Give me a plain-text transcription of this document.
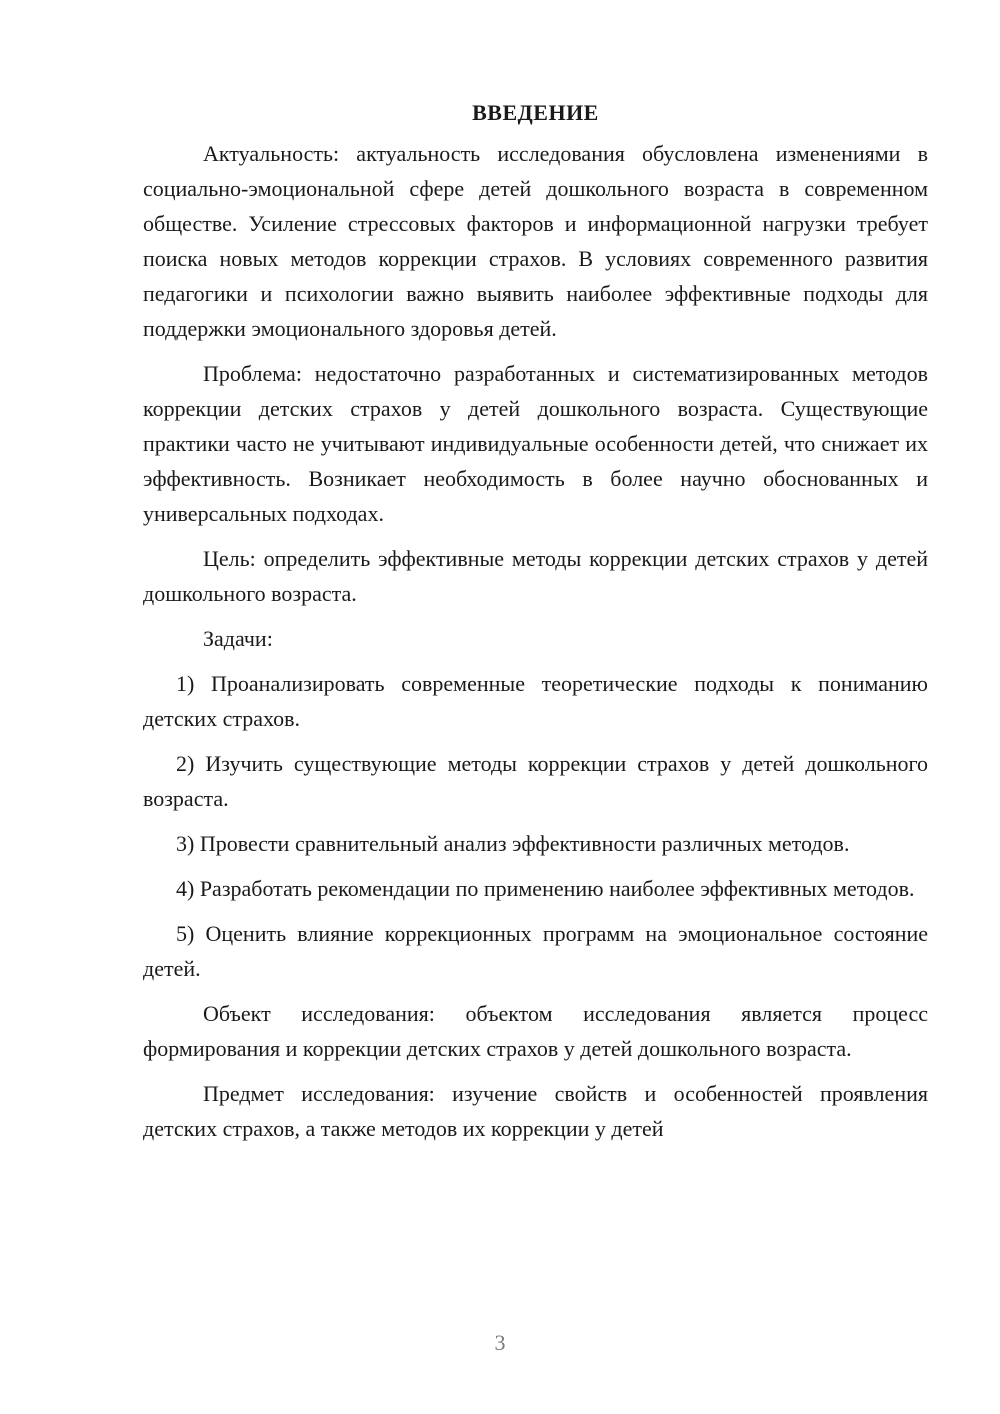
ВВЕДЕНИЕ

Актуальность: актуальность исследования обусловлена изменениями в социально-эмоциональной сфере детей дошкольного возраста в современном обществе. Усиление стрессовых факторов и информационной нагрузки требует поиска новых методов коррекции страхов. В условиях современного развития педагогики и психологии важно выявить наиболее эффективные подходы для поддержки эмоционального здоровья детей.

Проблема: недостаточно разработанных и систематизированных методов коррекции детских страхов у детей дошкольного возраста. Существующие практики часто не учитывают индивидуальные особенности детей, что снижает их эффективность. Возникает необходимость в более научно обоснованных и универсальных подходах.

Цель: определить эффективные методы коррекции детских страхов у детей дошкольного возраста.

Задачи:

1) Проанализировать современные теоретические подходы к пониманию детских страхов.

2) Изучить существующие методы коррекции страхов у детей дошкольного возраста.

3) Провести сравнительный анализ эффективности различных методов.

4) Разработать рекомендации по применению наиболее эффективных методов.

5) Оценить влияние коррекционных программ на эмоциональное состояние детей.

Объект исследования: объектом исследования является процесс формирования и коррекции детских страхов у детей дошкольного возраста.

Предмет исследования: изучение свойств и особенностей проявления детских страхов, а также методов их коррекции у детей

3
